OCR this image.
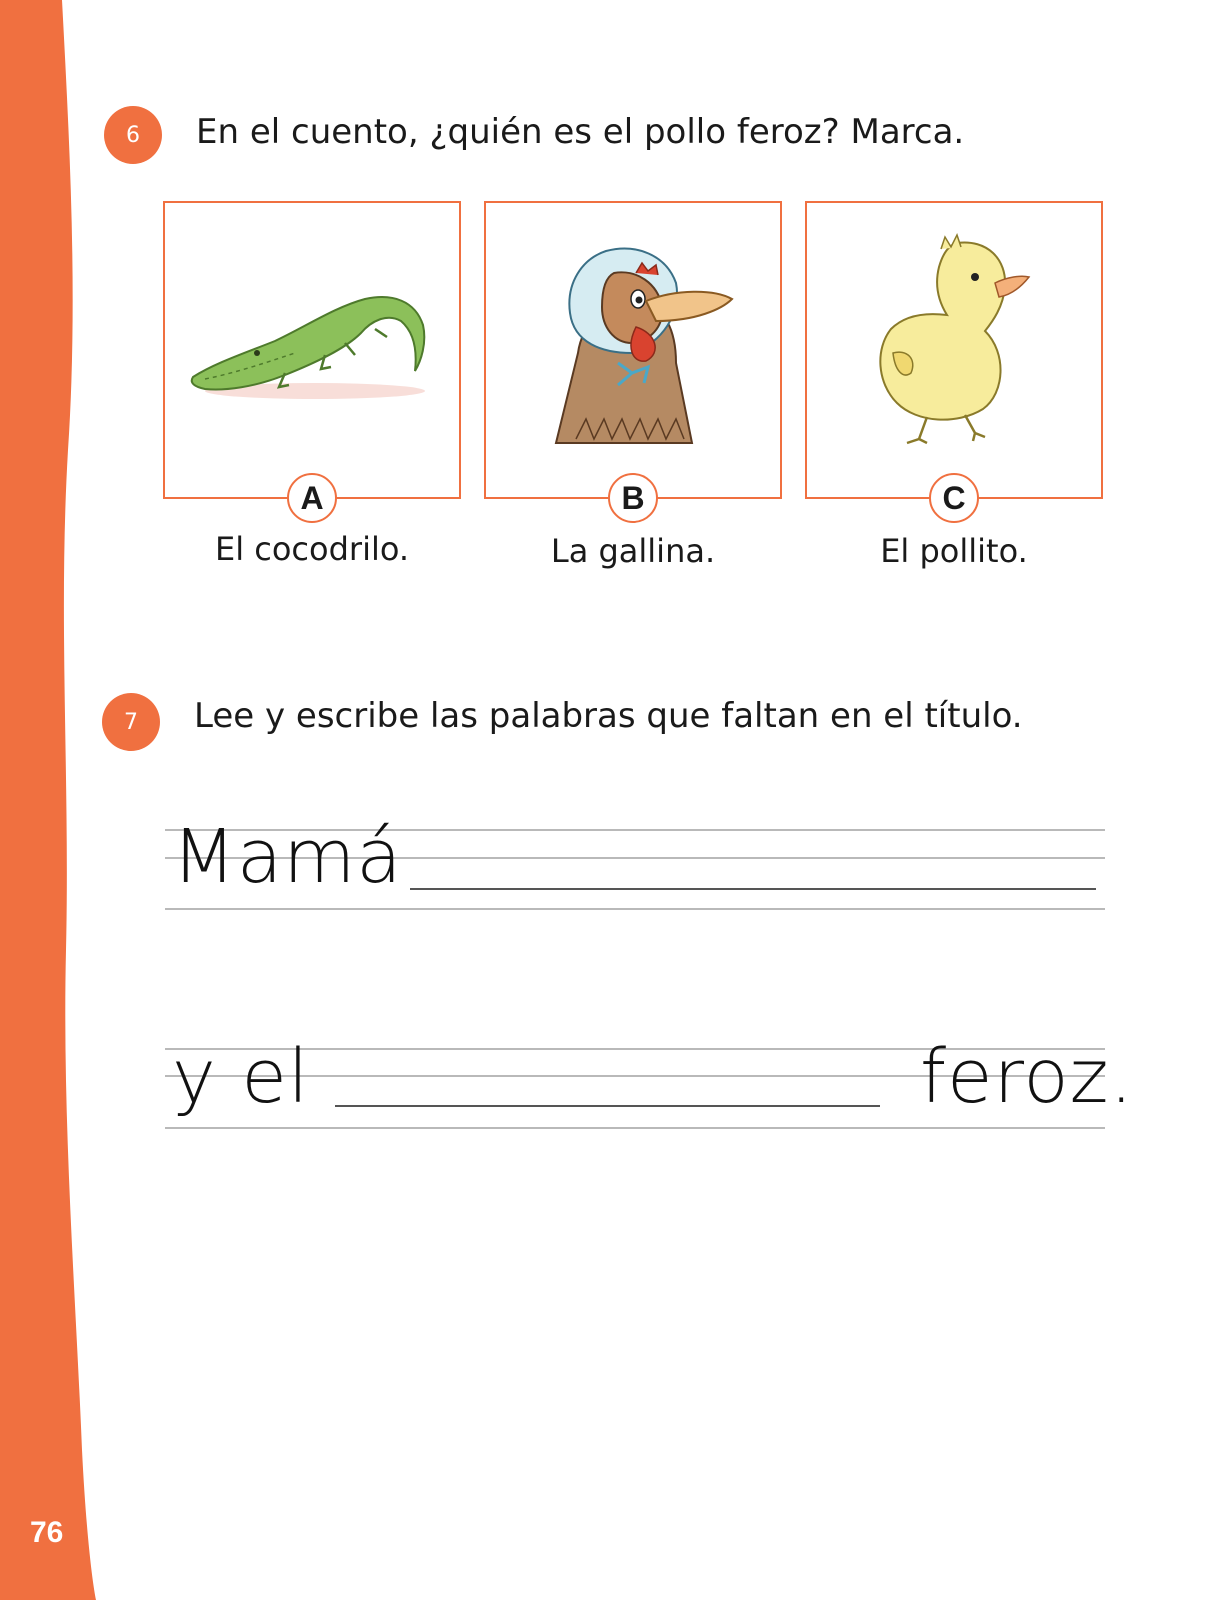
76
6	En el cuento, ¿quién es el pollo feroz? Marca.
A
El cocodrilo.
B
La gallina.
C
El pollito.
7	Lee y escribe las palabras que faltan en el título.
Mamá
y el	feroz.
